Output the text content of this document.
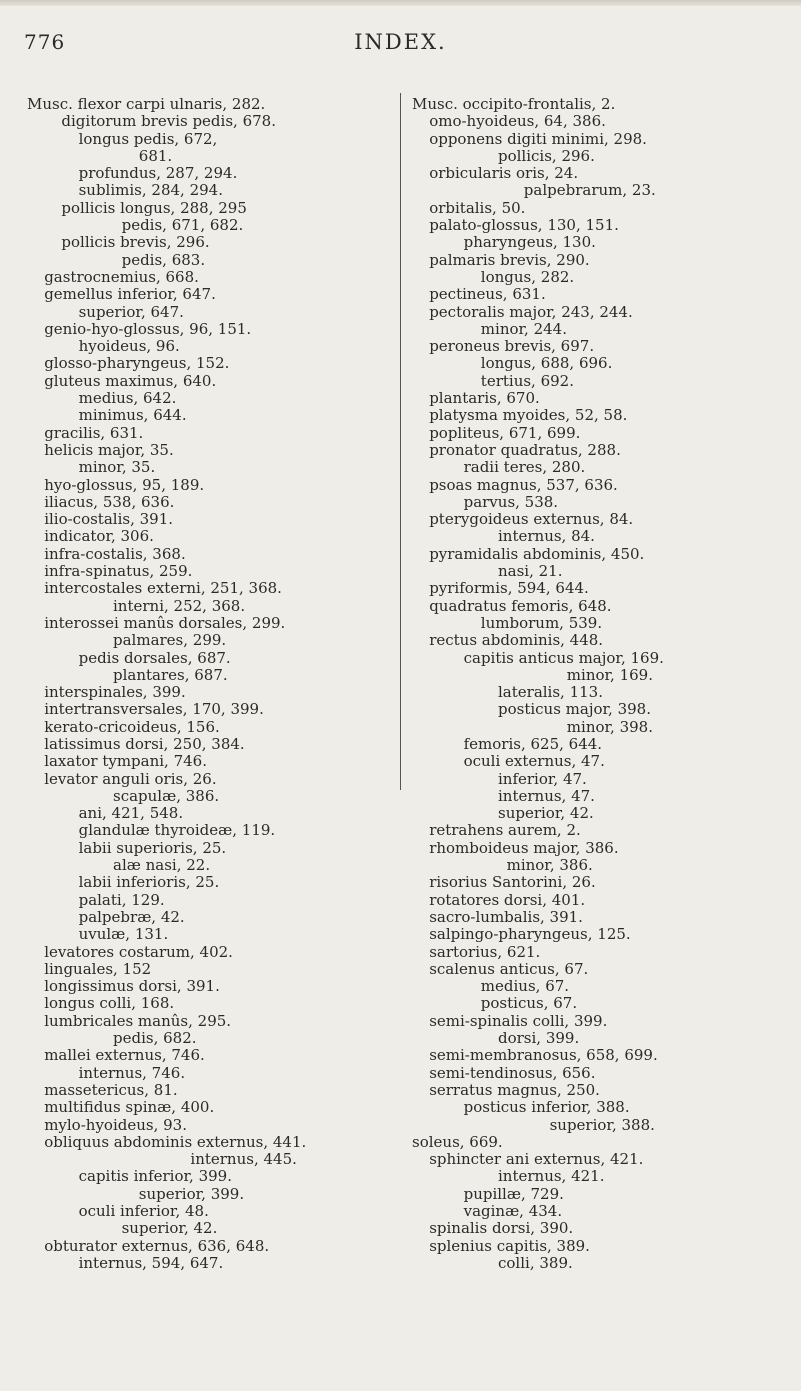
776	INDEX.
Musc. flexor carpi ulnaris, 282.
digitorum brevis pedis, 678.
longus pedis, 672,
681.
profundus, 287, 294.
sublimis, 284, 294.
pollicis longus, 288, 295
pedis, 671, 682.
pollicis brevis, 296.
pedis, 683.
gastrocnemius, 668.
gemellus inferior, 647.
superior, 647.
genio-hyo-glossus, 96, 151.
hyoideus, 96.
glosso-pharyngeus, 152.
gluteus maximus, 640.
medius, 642.
minimus, 644.
gracilis, 631.
helicis major, 35.
minor, 35.
hyo-glossus, 95, 189.
iliacus, 538, 636.
ilio-costalis, 391.
indicator, 306.
infra-costalis, 368.
infra-spinatus, 259.
intercostales externi, 251, 368.
interni, 252, 368.
interossei manûs dorsales, 299.
palmares, 299.
pedis dorsales, 687.
plantares, 687.
interspinales, 399.
intertransversales, 170, 399.
kerato-cricoideus, 156.
latissimus dorsi, 250, 384.
laxator tympani, 746.
levator anguli oris, 26.
scapulæ, 386.
ani, 421, 548.
glandulæ thyroideæ, 119.
labii superioris, 25.
alæ nasi, 22.
labii inferioris, 25.
palati, 129.
palpebræ, 42.
uvulæ, 131.
levatores costarum, 402.
linguales, 152
longissimus dorsi, 391.
longus colli, 168.
lumbricales manûs, 295.
pedis, 682.
mallei externus, 746.
internus, 746.
massetericus, 81.
multifidus spinæ, 400.
mylo-hyoideus, 93.
obliquus abdominis externus, 441.
internus, 445.
capitis inferior, 399.
superior, 399.
oculi inferior, 48.
superior, 42.
obturator externus, 636, 648.
internus, 594, 647.
Musc. occipito-frontalis, 2.
omo-hyoideus, 64, 386.
opponens digiti minimi, 298.
pollicis, 296.
orbicularis oris, 24.
palpebrarum, 23.
orbitalis, 50.
palato-glossus, 130, 151.
pharyngeus, 130.
palmaris brevis, 290.
longus, 282.
pectineus, 631.
pectoralis major, 243, 244.
minor, 244.
peroneus brevis, 697.
longus, 688, 696.
tertius, 692.
plantaris, 670.
platysma myoides, 52, 58.
popliteus, 671, 699.
pronator quadratus, 288.
radii teres, 280.
psoas magnus, 537, 636.
parvus, 538.
pterygoideus externus, 84.
internus, 84.
pyramidalis abdominis, 450.
nasi, 21.
pyriformis, 594, 644.
quadratus femoris, 648.
lumborum, 539.
rectus abdominis, 448.
capitis anticus major, 169.
minor, 169.
lateralis, 113.
posticus major, 398.
minor, 398.
femoris, 625, 644.
oculi externus, 47.
inferior, 47.
internus, 47.
superior, 42.
retrahens aurem, 2.
rhomboideus major, 386.
minor, 386.
risorius Santorini, 26.
rotatores dorsi, 401.
sacro-lumbalis, 391.
salpingo-pharyngeus, 125.
sartorius, 621.
scalenus anticus, 67.
medius, 67.
posticus, 67.
semi-spinalis colli, 399.
dorsi, 399.
semi-membranosus, 658, 699.
semi-tendinosus, 656.
serratus magnus, 250.
posticus inferior, 388.
superior, 388.
soleus, 669.
sphincter ani externus, 421.
internus, 421.
pupillæ, 729.
vaginæ, 434.
spinalis dorsi, 390.
splenius capitis, 389.
colli, 389.
